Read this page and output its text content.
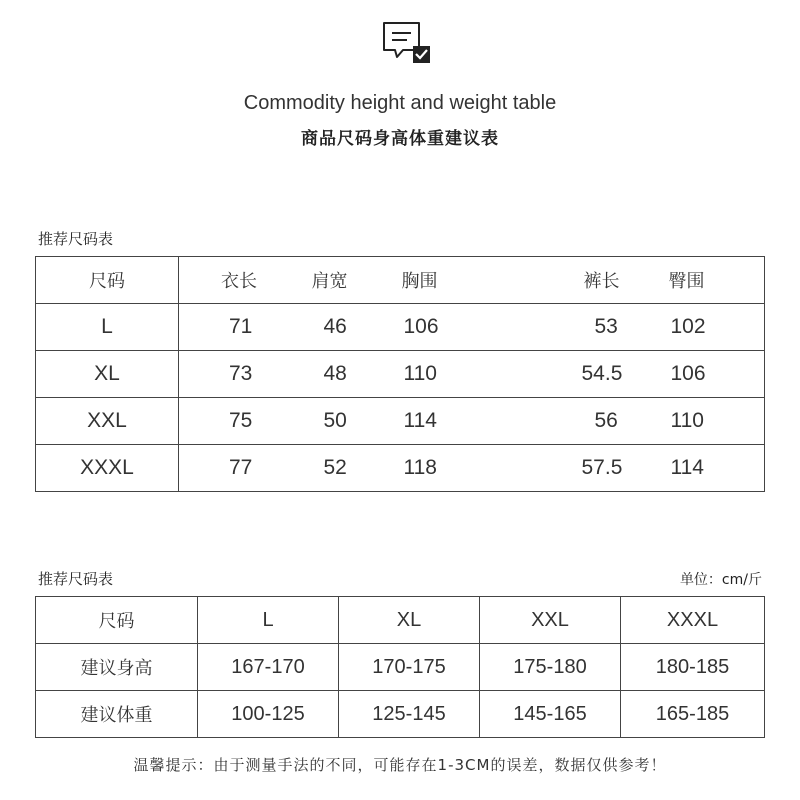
Commodity height and weight table
商品尺码身高体重建议表
推荐尺码表
尺码	衣长	肩宽	胸围	裤长	臀围
L	71	46	106	53	102
XL	73	48	110	54.5	106
XXL	75	50	114	56	110
XXXL	77	52	118	57.5	114
推荐尺码表	单位：cm/斤
尺码	L	XL	XXL	XXXL
建议身高	167-170	170-175	175-180	180-185
建议体重	100-125	125-145	145-165	165-185
温馨提示：由于测量手法的不同，可能存在1-3CM的误差，数据仅供参考！
